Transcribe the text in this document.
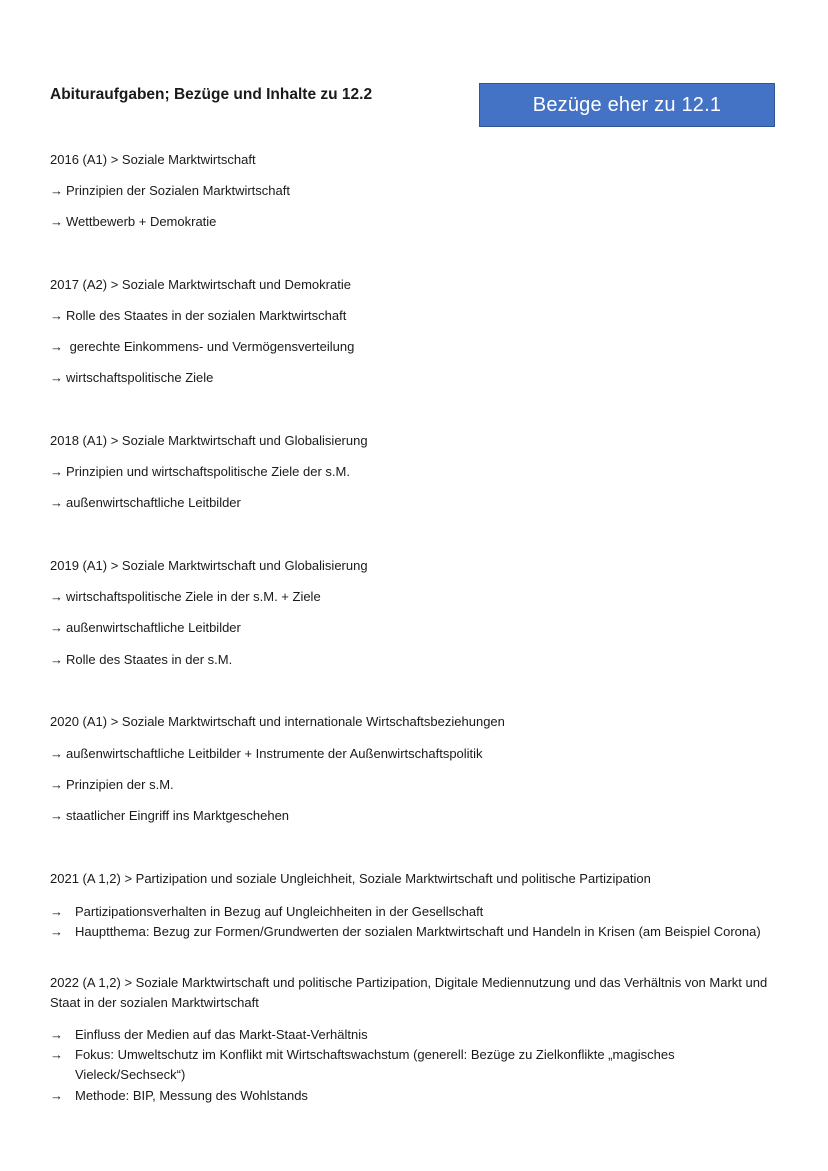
Abituraufgaben; Bezüge und Inhalte zu 12.2	Bezüge eher zu 12.1

2016 (A1) > Soziale Marktwirtschaft

→ Prinzipien der Sozialen Marktwirtschaft
→ Wettbewerb + Demokratie

2017 (A2) > Soziale Marktwirtschaft und Demokratie

→ Rolle des Staates in der sozialen Marktwirtschaft
→ gerechte Einkommens- und Vermögensverteilung
→ wirtschaftspolitische Ziele

2018 (A1) > Soziale Marktwirtschaft und Globalisierung

→ Prinzipien und wirtschaftspolitische Ziele der s.M.
→ außenwirtschaftliche Leitbilder

2019 (A1) > Soziale Marktwirtschaft und Globalisierung

→ wirtschaftspolitische Ziele in der s.M. + Ziele
→ außenwirtschaftliche Leitbilder
→ Rolle des Staates in der s.M.

2020 (A1) > Soziale Marktwirtschaft und internationale Wirtschaftsbeziehungen

→ außenwirtschaftliche Leitbilder + Instrumente der Außenwirtschaftspolitik
→ Prinzipien der s.M.
→ staatlicher Eingriff ins Marktgeschehen

2021 (A 1,2) > Partizipation und soziale Ungleichheit, Soziale Marktwirtschaft und politische Partizipation

→ Partizipationsverhalten in Bezug auf Ungleichheiten in der Gesellschaft
→ Hauptthema: Bezug zur Formen/Grundwerten der sozialen Marktwirtschaft und Handeln in Krisen (am Beispiel Corona)

2022 (A 1,2) > Soziale Marktwirtschaft und politische Partizipation, Digitale Mediennutzung und das Verhältnis von Markt und Staat in der sozialen Marktwirtschaft

→ Einfluss der Medien auf das Markt-Staat-Verhältnis
→ Fokus: Umweltschutz im Konflikt mit Wirtschaftswachstum (generell: Bezüge zu Zielkonflikte „magisches Vieleck/Sechseck“)
→ Methode: BIP, Messung des Wohlstands
